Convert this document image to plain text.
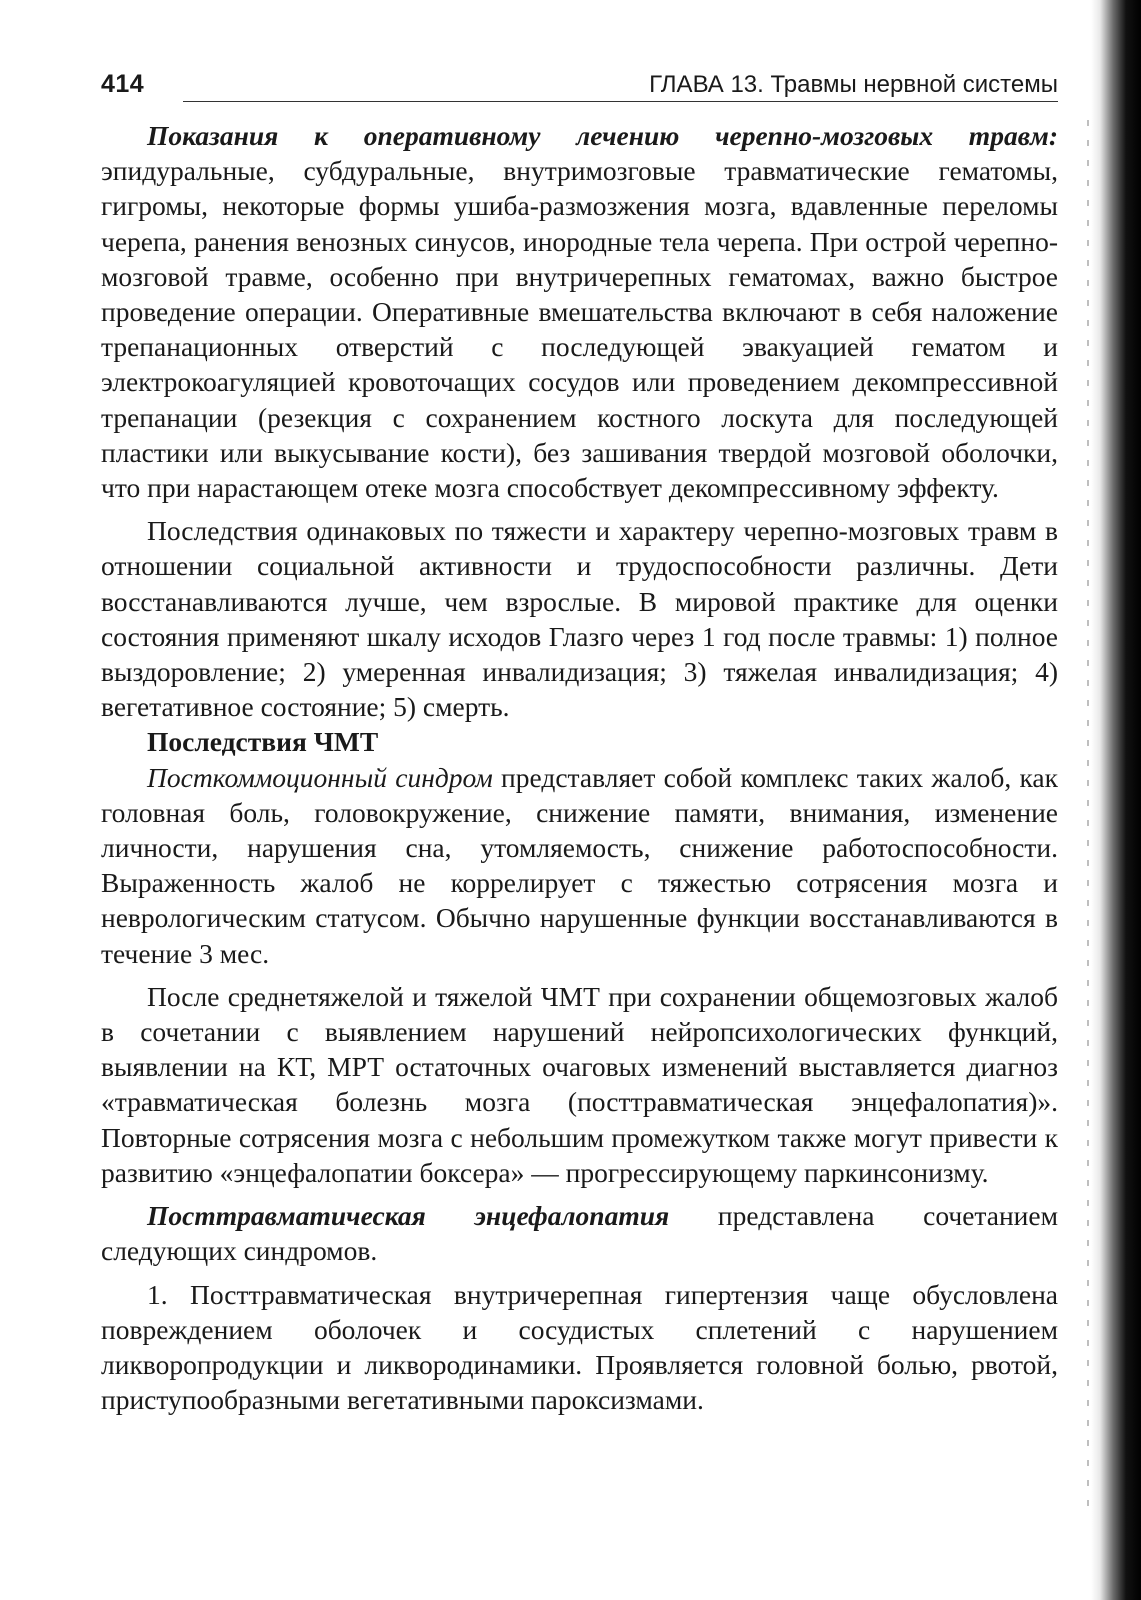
414	ГЛАВА 13. Травмы нервной системы

Показания к оперативному лечению черепно-мозговых травм: эпидуральные, субдуральные, внутримозговые травматические гематомы, гигромы, некоторые формы ушиба-размозжения мозга, вдавленные переломы черепа, ранения венозных синусов, инородные тела черепа. При острой черепно-мозговой травме, особенно при внутричерепных гематомах, важно быстрое проведение операции. Оперативные вмешательства включают в себя наложение трепанационных отверстий с последующей эвакуацией гематом и электрокоагуляцией кровоточащих сосудов или проведением декомпрессивной трепанации (резекция с сохранением костного лоскута для последующей пластики или выкусывание кости), без зашивания твердой мозговой оболочки, что при нарастающем отеке мозга способствует декомпрессивному эффекту.

Последствия одинаковых по тяжести и характеру черепно-мозговых травм в отношении социальной активности и трудоспособности различны. Дети восстанавливаются лучше, чем взрослые. В мировой практике для оценки состояния применяют шкалу исходов Глазго через 1 год после травмы: 1) полное выздоровление; 2) умеренная инвалидизация; 3) тяжелая инвалидизация; 4) вегетативное состояние; 5) смерть.

Последствия ЧМТ

Посткоммоционный синдром представляет собой комплекс таких жалоб, как головная боль, головокружение, снижение памяти, внимания, изменение личности, нарушения сна, утомляемость, снижение работоспособности. Выраженность жалоб не коррелирует с тяжестью сотрясения мозга и неврологическим статусом. Обычно нарушенные функции восстанавливаются в течение 3 мес.

После среднетяжелой и тяжелой ЧМТ при сохранении общемозговых жалоб в сочетании с выявлением нарушений нейропсихологических функций, выявлении на КТ, МРТ остаточных очаговых изменений выставляется диагноз «травматическая болезнь мозга (посттравматическая энцефалопатия)». Повторные сотрясения мозга с небольшим промежутком также могут привести к развитию «энцефалопатии боксера» — прогрессирующему паркинсонизму.

Посттравматическая энцефалопатия представлена сочетанием следующих синдромов.

1. Посттравматическая внутричерепная гипертензия чаще обусловлена повреждением оболочек и сосудистых сплетений с нарушением ликворопродукции и ликвородинамики. Проявляется головной болью, рвотой, приступообразными вегетативными пароксизмами.
